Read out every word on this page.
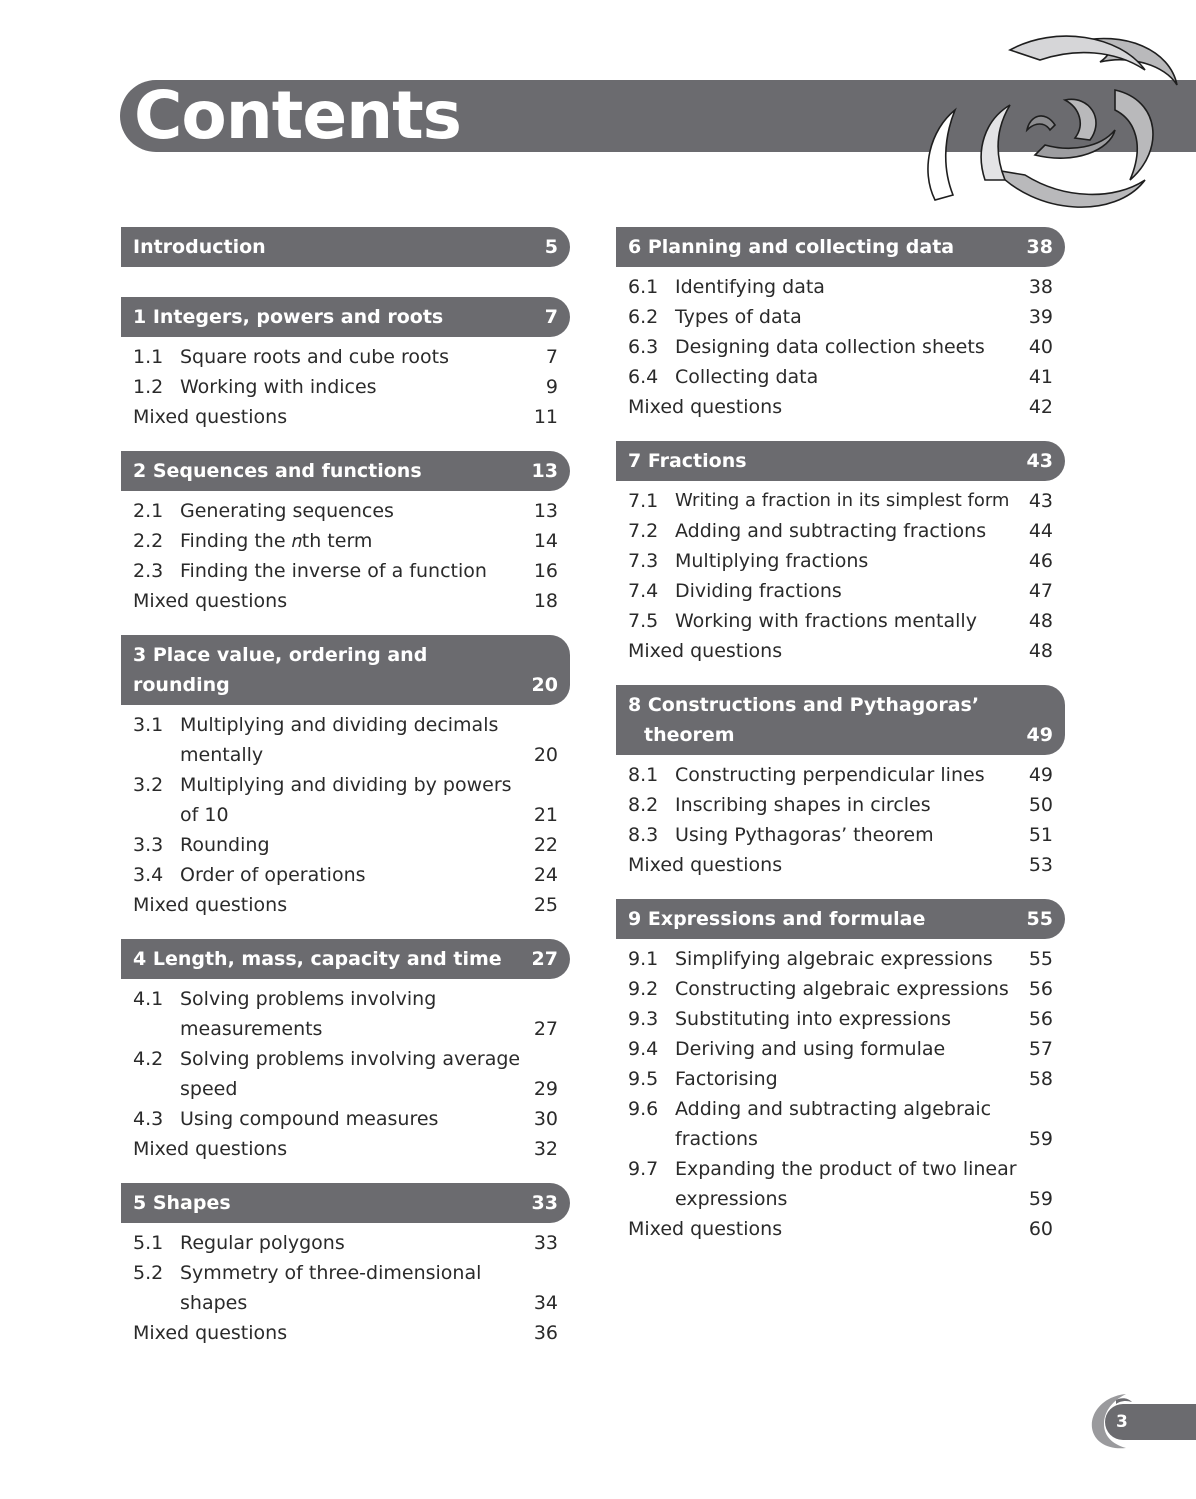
Contents
Introduction	5
1 Integers, powers and roots	7
1.1 Square roots and cube roots	7
1.2 Working with indices	9
Mixed questions	11
2 Sequences and functions	13
2.1 Generating sequences	13
2.2 Finding the 𝑛th term	14
2.3 Finding the inverse of a function	16
Mixed questions	18
3 Place value, ordering and rounding	20
3.1 Multiplying and dividing decimals mentally	20
3.2 Multiplying and dividing by powers of 10	21
3.3 Rounding	22
3.4 Order of operations	24
Mixed questions	25
4 Length, mass, capacity and time	27
4.1 Solving problems involving measurements	27
4.2 Solving problems involving average speed	29
4.3 Using compound measures	30
Mixed questions	32
5 Shapes	33
5.1 Regular polygons	33
5.2 Symmetry of three-dimensional shapes	34
Mixed questions	36
6 Planning and collecting data	38
6.1 Identifying data	38
6.2 Types of data	39
6.3 Designing data collection sheets	40
6.4 Collecting data	41
Mixed questions	42
7 Fractions	43
7.1 Writing a fraction in its simplest form	43
7.2 Adding and subtracting fractions	44
7.3 Multiplying fractions	46
7.4 Dividing fractions	47
7.5 Working with fractions mentally	48
Mixed questions	48
8 Constructions and Pythagoras’ theorem	49
8.1 Constructing perpendicular lines	49
8.2 Inscribing shapes in circles	50
8.3 Using Pythagoras’ theorem	51
Mixed questions	53
9 Expressions and formulae	55
9.1 Simplifying algebraic expressions	55
9.2 Constructing algebraic expressions	56
9.3 Substituting into expressions	56
9.4 Deriving and using formulae	57
9.5 Factorising	58
9.6 Adding and subtracting algebraic fractions	59
9.7 Expanding the product of two linear expressions	59
Mixed questions	60
3
